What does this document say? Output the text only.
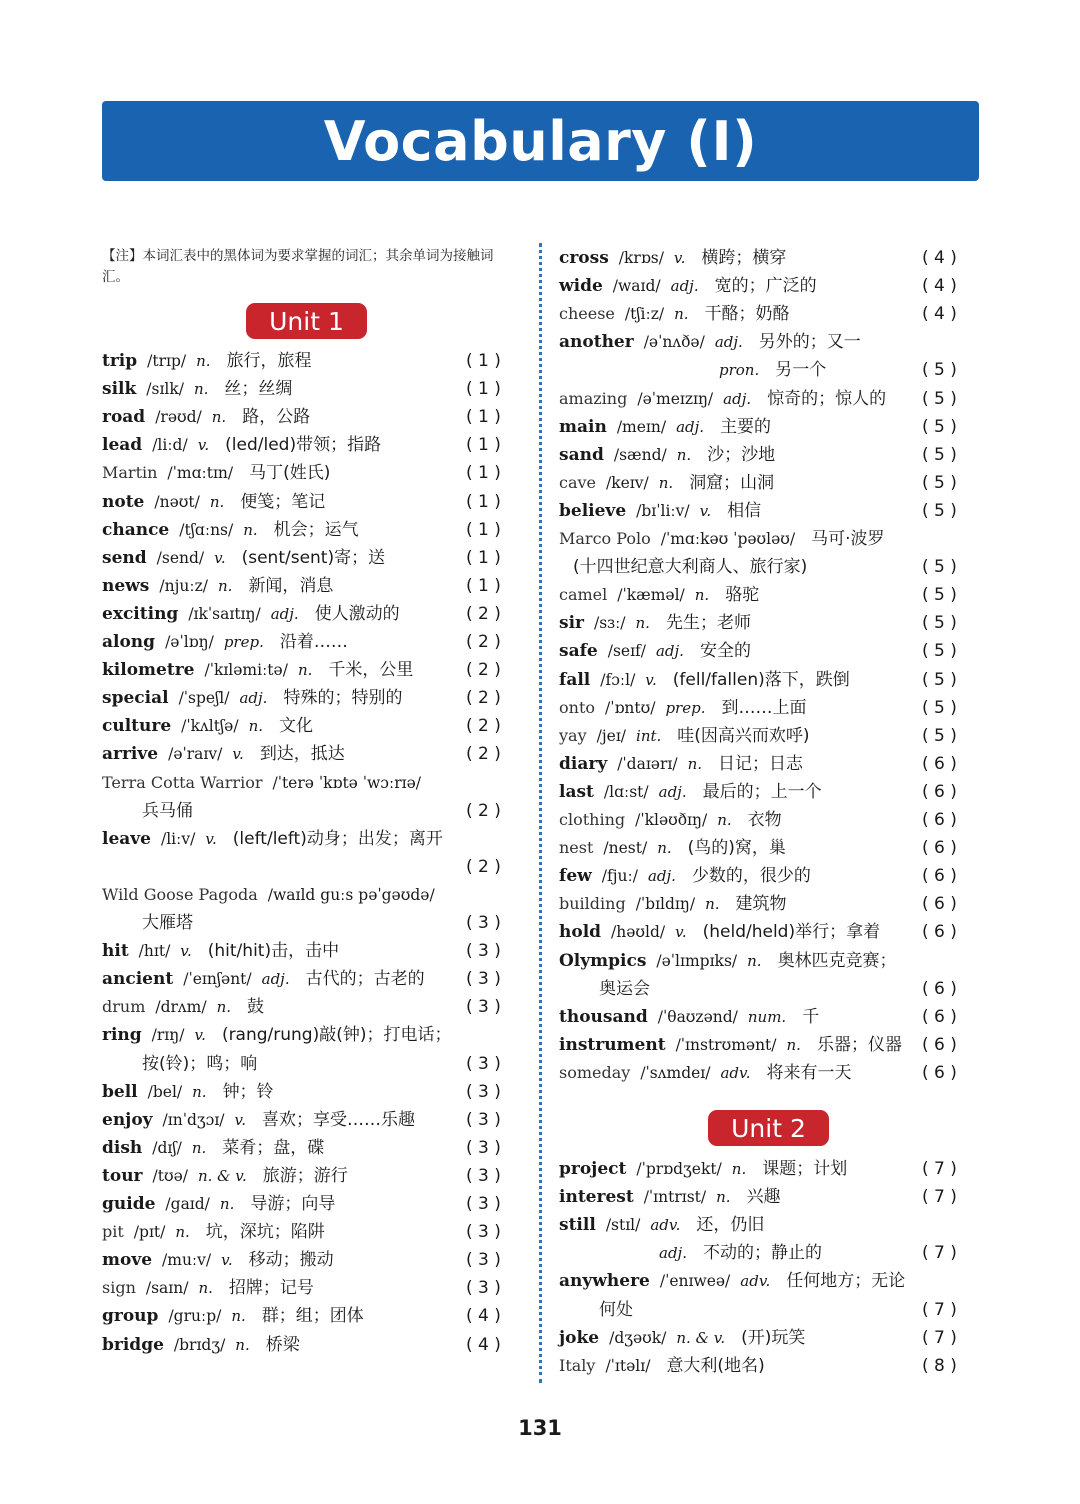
Vocabulary (Ⅰ)
【注】本词汇表中的黑体词为要求掌握的词汇；其余单词为接触词汇。
Unit 1
Unit 2
trip /trɪp/ n. 旅行，旅程	( 1 )
silk /sɪlk/ n. 丝；丝绸	( 1 )
road /rəʊd/ n. 路，公路	( 1 )
lead /liːd/ v. (led/led)带领；指路	( 1 )
Martin /ˈmɑːtɪn/ 马丁(姓氏)	( 1 )
note /nəʊt/ n. 便笺；笔记	( 1 )
chance /tʃɑːns/ n. 机会；运气	( 1 )
send /send/ v. (sent/sent)寄；送	( 1 )
news /njuːz/ n. 新闻，消息	( 1 )
exciting /ɪkˈsaɪtɪŋ/ adj. 使人激动的	( 2 )
along /əˈlɒŋ/ prep. 沿着……	( 2 )
kilometre /ˈkɪləmiːtə/ n. 千米，公里	( 2 )
special /ˈspeʃl/ adj. 特殊的；特别的	( 2 )
culture /ˈkʌltʃə/ n. 文化	( 2 )
arrive /əˈraɪv/ v. 到达，抵达	( 2 )
Terra Cotta Warrior /ˈterə ˈkɒtə ˈwɔːrɪə/
兵马俑	( 2 )
leave /liːv/ v. (left/left)动身；出发；离开
( 2 )
Wild Goose Pagoda /waɪld guːs pəˈgəʊdə/
大雁塔	( 3 )
hit /hɪt/ v. (hit/hit)击，击中	( 3 )
ancient /ˈeɪnʃənt/ adj. 古代的；古老的 ( 3 )
drum /drʌm/ n. 鼓	( 3 )
ring /rɪŋ/ v. (rang/rung)敲(钟)；打电话；
按(铃)；鸣；响	( 3 )
bell /bel/ n. 钟；铃	( 3 )
enjoy /ɪnˈdʒɔɪ/ v. 喜欢；享受……乐趣	( 3 )
dish /dɪʃ/ n. 菜肴；盘，碟	( 3 )
tour /tʊə/ n. & v. 旅游；游行	( 3 )
guide /gaɪd/ n. 导游；向导	( 3 )
pit /pɪt/ n. 坑，深坑；陷阱	( 3 )
move /muːv/ v. 移动；搬动	( 3 )
sign /saɪn/ n. 招牌；记号	( 3 )
group /gruːp/ n. 群；组；团体	( 4 )
bridge /brɪdʒ/ n. 桥梁	( 4 )
cross /krɒs/ v. 横跨；横穿	( 4 )
wide /waɪd/ adj. 宽的；广泛的	( 4 )
cheese /tʃiːz/ n. 干酪；奶酪	( 4 )
another /əˈnʌðə/ adj. 另外的；又一
pron. 另一个	( 5 )
amazing /əˈmeɪzɪŋ/ adj. 惊奇的；惊人的 ( 5 )
main /meɪn/ adj. 主要的	( 5 )
sand /sænd/ n. 沙；沙地	( 5 )
cave /keɪv/ n. 洞窟；山洞	( 5 )
believe /bɪˈliːv/ v. 相信	( 5 )
Marco Polo /ˈmɑːkəʊ ˈpəʊləʊ/ 马可·波罗
(十四世纪意大利商人、旅行家)	( 5 )
camel /ˈkæməl/ n. 骆驼	( 5 )
sir /sɜː/ n. 先生；老师	( 5 )
safe /seɪf/ adj. 安全的	( 5 )
fall /fɔːl/ v. (fell/fallen)落下，跌倒	( 5 )
onto /ˈɒntʊ/ prep. 到……上面	( 5 )
yay /jeɪ/ int. 哇(因高兴而欢呼)	( 5 )
diary /ˈdaɪərɪ/ n. 日记；日志	( 6 )
last /lɑːst/ adj. 最后的；上一个	( 6 )
clothing /ˈkləʊðɪŋ/ n. 衣物	( 6 )
nest /nest/ n. (鸟的)窝，巢	( 6 )
few /fjuː/ adj. 少数的，很少的	( 6 )
building /ˈbɪldɪŋ/ n. 建筑物	( 6 )
hold /həʊld/ v. (held/held)举行；拿着 ( 6 )
Olympics /əˈlɪmpɪks/ n. 奥林匹克竞赛；
奥运会	( 6 )
thousand /ˈθaʊzənd/ num. 千	( 6 )
instrument /ˈɪnstrʊmənt/ n. 乐器；仪器 ( 6 )
someday /ˈsʌmdeɪ/ adv. 将来有一天	( 6 )
project /ˈprɒdʒekt/ n. 课题；计划	( 7 )
interest /ˈɪntrɪst/ n. 兴趣	( 7 )
still /stɪl/ adv. 还，仍旧
adj. 不动的；静止的	( 7 )
anywhere /ˈenɪweə/ adv. 任何地方；无论
何处	( 7 )
joke /dʒəʊk/ n. & v. (开)玩笑	( 7 )
Italy /ˈɪtəlɪ/ 意大利(地名)	( 8 )
131
